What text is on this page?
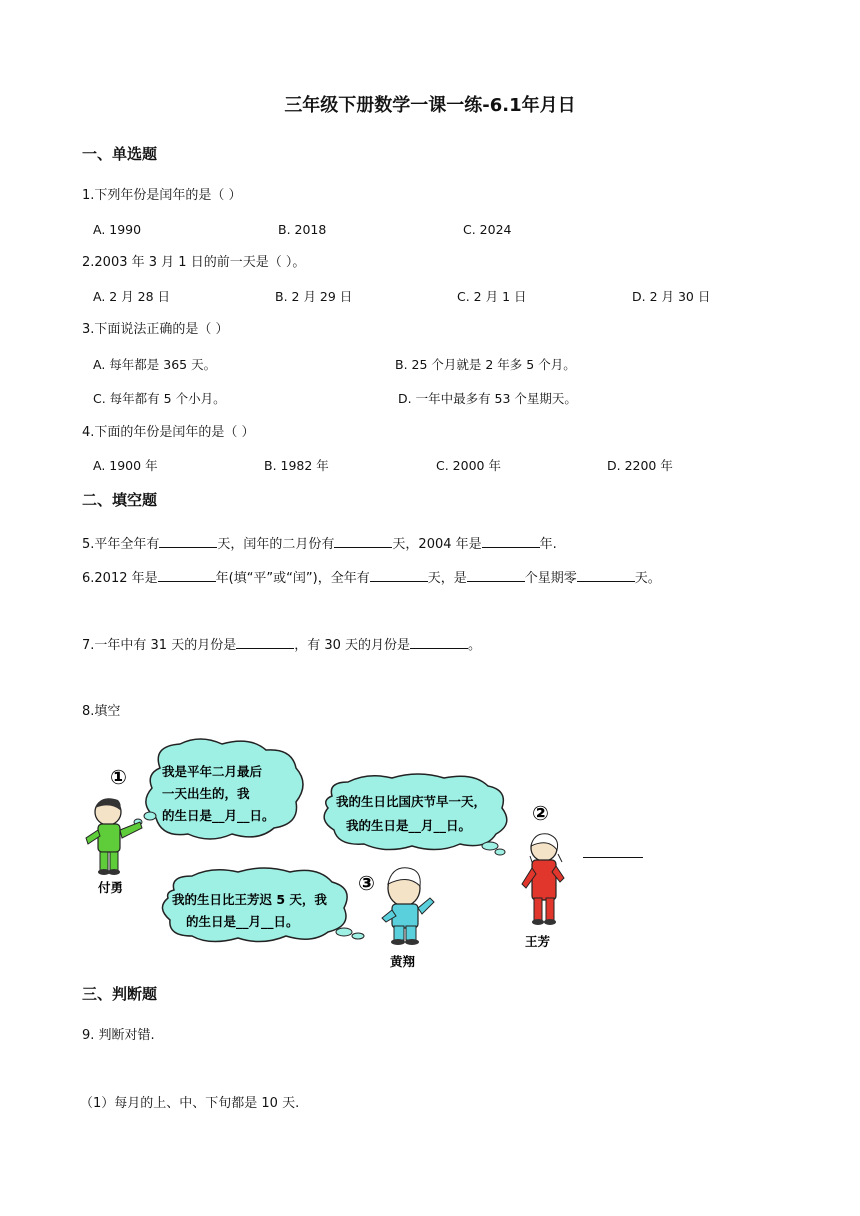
三年级下册数学一课一练-6.1年月日
一、单选题
1.下列年份是闰年的是（ ）
A. 1990	B. 2018	C. 2024
2.2003 年 3 月 1 日的前一天是（ ）。
A. 2 月 28 日	B. 2 月 29 日	C. 2 月 1 日	D. 2 月 30 日
3.下面说法正确的是（ ）
A. 每年都是 365 天。	B. 25 个月就是 2 年多 5 个月。
C. 每年都有 5 个小月。	D. 一年中最多有 53 个星期天。
4.下面的年份是闰年的是（ ）
A. 1900 年	B. 1982 年	C. 2000 年	D. 2200 年
二、填空题
5.平年全年有	天，闰年的二月份有	天，2004 年是	年.
6.2012 年是	年(填“平”或“闰”)，全年有	天，是	个星期零	天。
7.一年中有 31 天的月份是	，有 30 天的月份是	。
8.填空
我是平年二月最后
一天出生的，我
的生日是__月__日。
①
付勇
我的生日比国庆节早一天，
我的生日是__月__日。
②
王芳
我的生日比王芳迟 5 天，我
的生日是__月__日。
③
黄翔
三、判断题
9. 判断对错.
（1）每月的上、中、下旬都是 10 天.
